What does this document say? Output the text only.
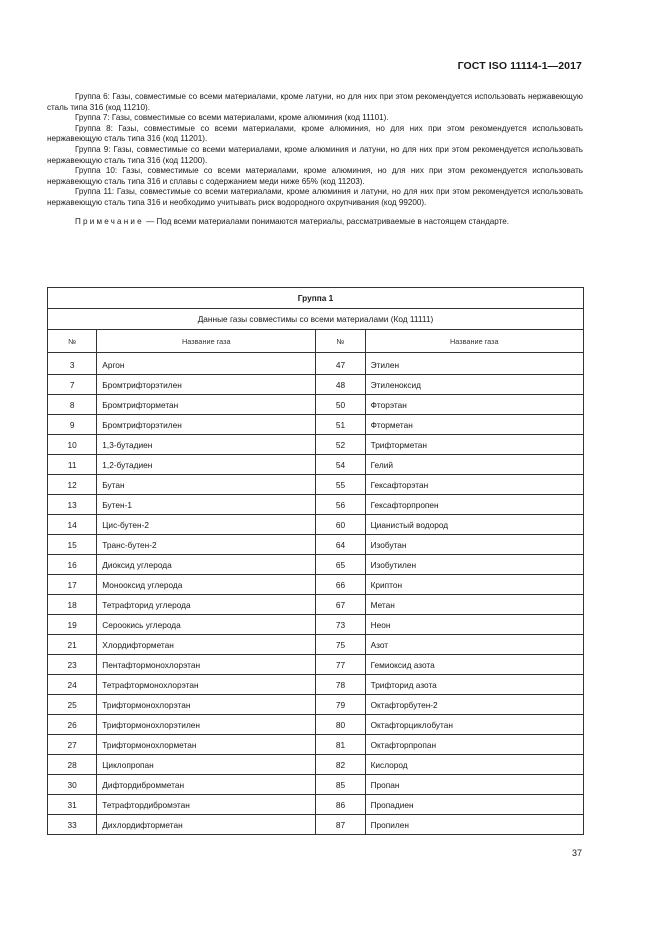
ГОСТ ISO 11114-1—2017

Группа 6: Газы, совместимые со всеми материалами, кроме латуни, но для них при этом рекомендуется использовать нержавеющую сталь типа 316 (код 11210).

Группа 7: Газы, совместимые со всеми материалами, кроме алюминия (код 11101).

Группа 8: Газы, совместимые со всеми материалами, кроме алюминия, но для них при этом рекомендуется использовать нержавеющую сталь типа 316 (код 11201).

Группа 9: Газы, совместимые со всеми материалами, кроме алюминия и латуни, но для них при этом рекомендуется использовать нержавеющую сталь типа 316 (код 11200).

Группа 10: Газы, совместимые со всеми материалами, кроме алюминия, но для них при этом рекомендуется использовать нержавеющую сталь типа 316 и сплавы с содержанием меди ниже 65% (код 11203).

Группа 11: Газы, совместимые со всеми материалами, кроме алюминия и латуни, но для них при этом рекомендуется использовать нержавеющую сталь типа 316 и необходимо учитывать риск водородного охрупчивания (код 99200).

Примечание — Под всеми материалами понимаются материалы, рассматриваемые в настоящем стандарте.

Группа 1			
Данные газы совместимы со всеми материалами (Код 11111)			
№	Название газа	№	Название газа
3	Аргон	47	Этилен
7	Бромтрифторэтилен	48	Этиленоксид
8	Бромтрифторметан	50	Фторэтан
9	Бромтрифторэтилен	51	Фторметан
10	1,3-бутадиен	52	Трифторметан
11	1,2-бутадиен	54	Гелий
12	Бутан	55	Гексафторэтан
13	Бутен-1	56	Гексафторпропен
14	Цис-бутен-2	60	Цианистый водород
15	Транс-бутен-2	64	Изобутан
16	Диоксид углерода	65	Изобутилен
17	Монооксид углерода	66	Криптон
18	Тетрафторид углерода	67	Метан
19	Сероокись углерода	73	Неон
21	Хлордифторметан	75	Азот
23	Пентафтормонохлорэтан	77	Гемиоксид азота
24	Тетрафтормонохлорэтан	78	Трифторид азота
25	Трифтормонохлорэтан	79	Октафторбутен-2
26	Трифтормонохлорэтилен	80	Октафторциклобутан
27	Трифтормонохлорметан	81	Октафторпропан
28	Циклопропан	82	Кислород
30	Дифтордибромметан	85	Пропан
31	Тетрафтордибромэтан	86	Пропадиен
33	Дихлордифторметан	87	Пропилен
37
